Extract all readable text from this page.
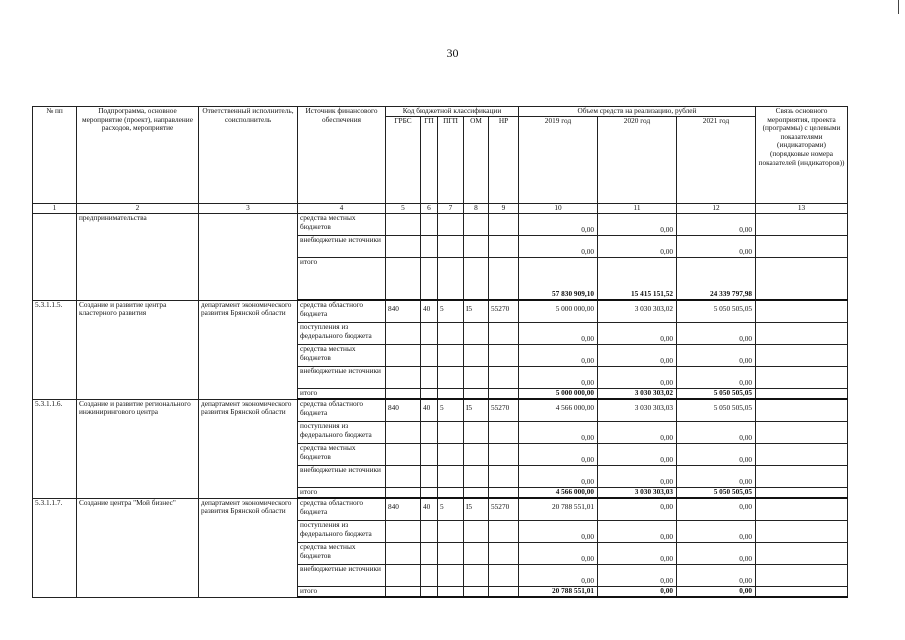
30
№ пп	Подпрограмма, основное мероприятие (проект), направление расходов, мероприятие	Ответственный исполнитель, соисполнитель	Источник финансового обеспечения	Код бюджетной классификации					Объем средств на реализацию, рублей			Связь основного мероприятия, проекта (программы) с целевыми показателями (индикаторами) (порядковые номера показателей (индикаторов))
				ГРБС	ГП	ПГП	ОМ	НР	2019 год	2020 год	2021 год	
1	2	3	4	5	6	7	8	9	10	11	12	13
	предпринимательства		средства местных бюджетов						0,00	0,00	0,00	
			внебюджетные источники						0,00	0,00	0,00	
			итого						57 830 909,10	15 415 151,52	24 339 797,98	
5.3.1.1.5.	Создание и развитие центра кластерного развития	департамент экономического развития Брянской области	средства областного бюджета	840	40	5	I5	55270	5 000 000,00	3 030 303,02	5 050 505,05	
			поступления из федерального бюджета						0,00	0,00	0,00	
			средства местных бюджетов						0,00	0,00	0,00	
			внебюджетные источники						0,00	0,00	0,00	
			итого						5 000 000,00	3 030 303,02	5 050 505,05	
5.3.1.1.6.	Создание и развитие регионального инжинирингового центра	департамент экономического развития Брянской области	средства областного бюджета	840	40	5	I5	55270	4 566 000,00	3 030 303,03	5 050 505,05	
			поступления из федерального бюджета						0,00	0,00	0,00	
			средства местных бюджетов						0,00	0,00	0,00	
			внебюджетные источники						0,00	0,00	0,00	
			итого						4 566 000,00	3 030 303,03	5 050 505,05	
5.3.1.1.7.	Создание центра "Мой бизнес"	департамент экономического развития Брянской области	средства областного бюджета	840	40	5	I5	55270	20 788 551,01	0,00	0,00	
			поступления из федерального бюджета						0,00	0,00	0,00	
			средства местных бюджетов						0,00	0,00	0,00	
			внебюджетные источники						0,00	0,00	0,00	
			итого						20 788 551,01	0,00	0,00	
